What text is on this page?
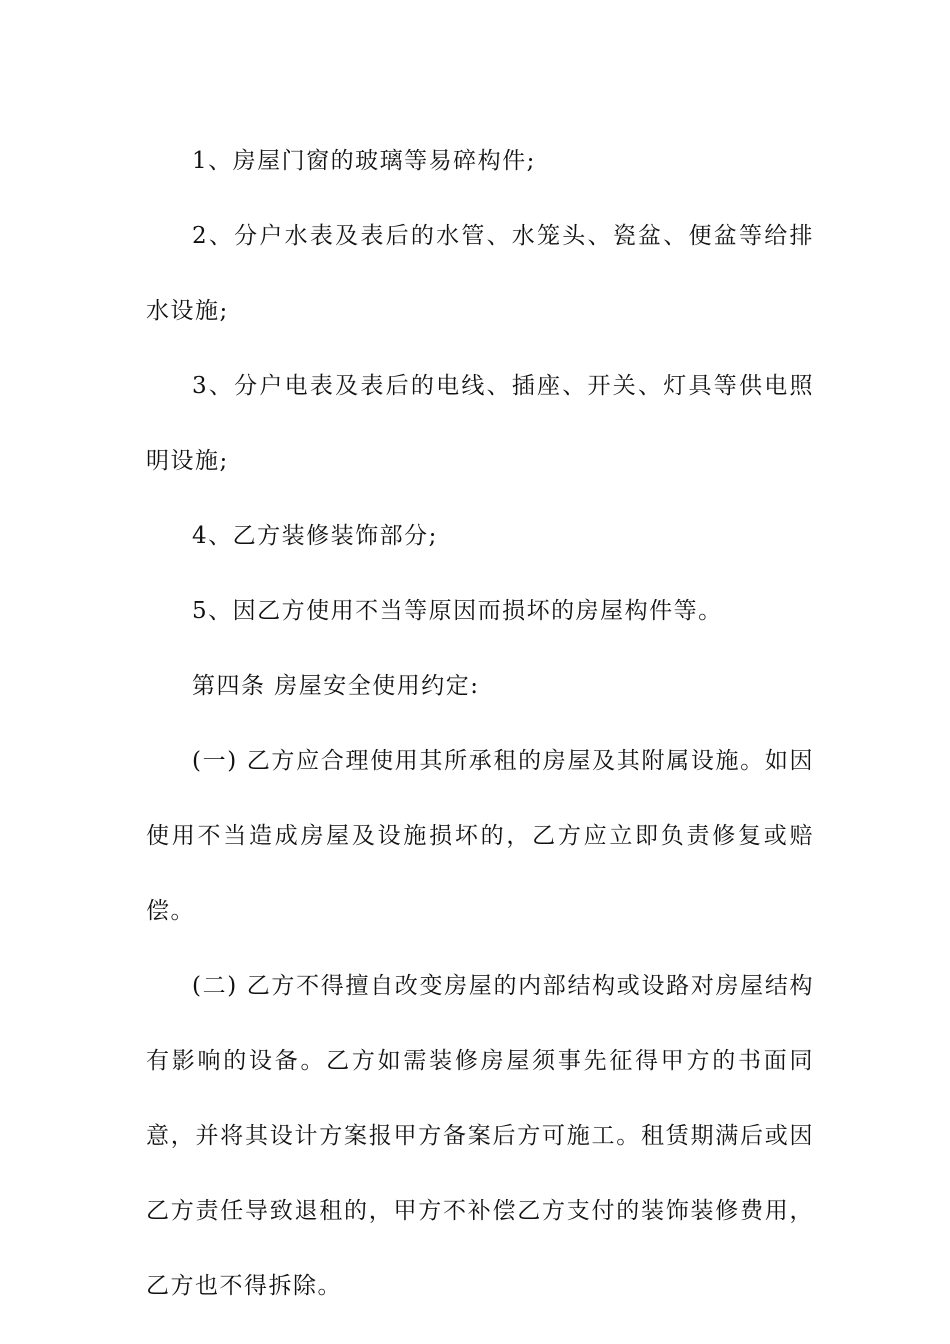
1、房屋门窗的玻璃等易碎构件;

2、分户水表及表后的水管、水笼头、瓷盆、便盆等给排水设施;

3、分户电表及表后的电线、插座、开关、灯具等供电照明设施;

4、乙方装修装饰部分;

5、因乙方使用不当等原因而损坏的房屋构件等。

第四条 房屋安全使用约定:

(一) 乙方应合理使用其所承租的房屋及其附属设施。如因使用不当造成房屋及设施损坏的，乙方应立即负责修复或赔偿。

(二) 乙方不得擅自改变房屋的内部结构或设路对房屋结构有影响的设备。乙方如需装修房屋须事先征得甲方的书面同意，并将其设计方案报甲方备案后方可施工。租赁期满后或因乙方责任导致退租的，甲方不补偿乙方支付的装饰装修费用，乙方也不得拆除。
